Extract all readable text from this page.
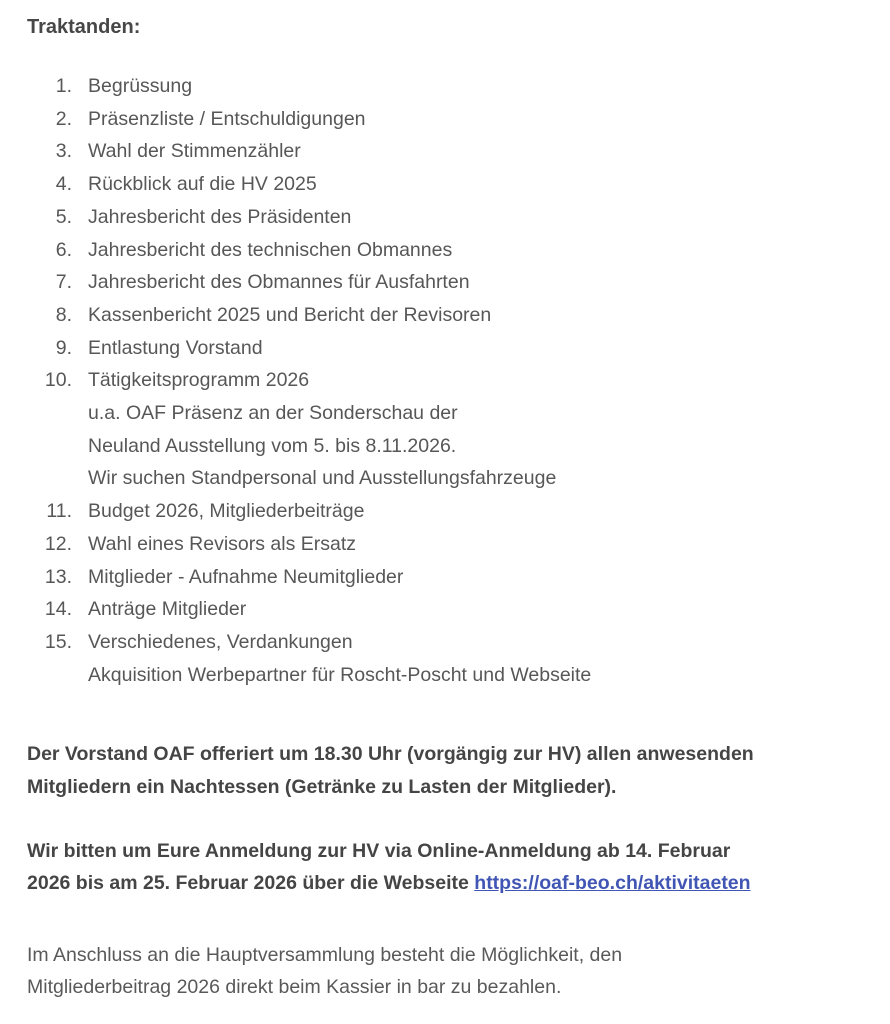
Traktanden:
1. Begrüssung
2. Präsenzliste / Entschuldigungen
3. Wahl der Stimmenzähler
4. Rückblick auf die HV 2025
5. Jahresbericht des Präsidenten
6. Jahresbericht des technischen Obmannes
7. Jahresbericht des Obmannes für Ausfahrten
8. Kassenbericht 2025 und Bericht der Revisoren
9. Entlastung Vorstand
10. Tätigkeitsprogramm 2026
u.a. OAF Präsenz an der Sonderschau der
Neuland Ausstellung vom 5. bis 8.11.2026.
Wir suchen Standpersonal und Ausstellungsfahrzeuge
11. Budget 2026, Mitgliederbeiträge
12. Wahl eines Revisors als Ersatz
13. Mitglieder - Aufnahme Neumitglieder
14. Anträge Mitglieder
15. Verschiedenes, Verdankungen
Akquisition Werbepartner für Roscht-Poscht und Webseite

Der Vorstand OAF offeriert um 18.30 Uhr (vorgängig zur HV) allen anwesenden
Mitgliedern ein Nachtessen (Getränke zu Lasten der Mitglieder).

Wir bitten um Eure Anmeldung zur HV via Online-Anmeldung ab 14. Februar
2026 bis am 25. Februar 2026 über die Webseite https://oaf-beo.ch/aktivitaeten

Im Anschluss an die Hauptversammlung besteht die Möglichkeit, den
Mitgliederbeitrag 2026 direkt beim Kassier in bar zu bezahlen.
